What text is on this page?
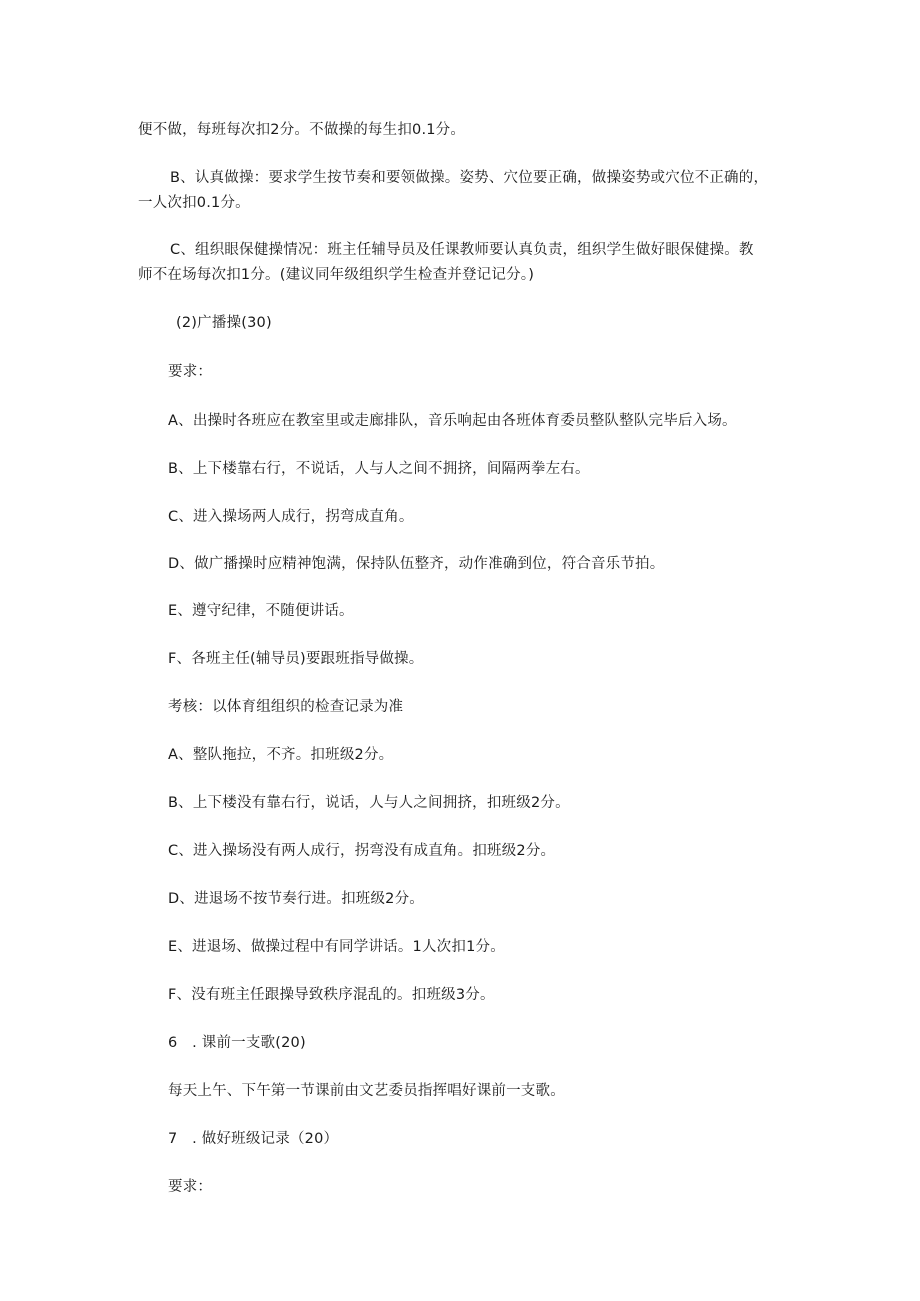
便不做，每班每次扣2分。不做操的每生扣0.1分。
B、认真做操：要求学生按节奏和要领做操。姿势、穴位要正确，做操姿势或穴位不正确的，
一人次扣0.1分。
C、组织眼保健操情况：班主任辅导员及任课教师要认真负责，组织学生做好眼保健操。教
师不在场每次扣1分。(建议同年级组织学生检查并登记记分。)
(2)广播操(30)
要求：
A、出操时各班应在教室里或走廊排队，音乐响起由各班体育委员整队整队完毕后入场。
B、上下楼靠右行，不说话，人与人之间不拥挤，间隔两拳左右。
C、进入操场两人成行，拐弯成直角。
D、做广播操时应精神饱满，保持队伍整齐，动作准确到位，符合音乐节拍。
E、遵守纪律，不随便讲话。
F、各班主任(辅导员)要跟班指导做操。
考核：以体育组组织的检查记录为准
A、整队拖拉，不齐。扣班级2分。
B、上下楼没有靠右行，说话，人与人之间拥挤，扣班级2分。
C、进入操场没有两人成行，拐弯没有成直角。扣班级2分。
D、进退场不按节奏行进。扣班级2分。
E、进退场、做操过程中有同学讲话。1人次扣1分。
F、没有班主任跟操导致秩序混乱的。扣班级3分。
6　. 课前一支歌(20)
每天上午、下午第一节课前由文艺委员指挥唱好课前一支歌。
7　. 做好班级记录（20）
要求：
